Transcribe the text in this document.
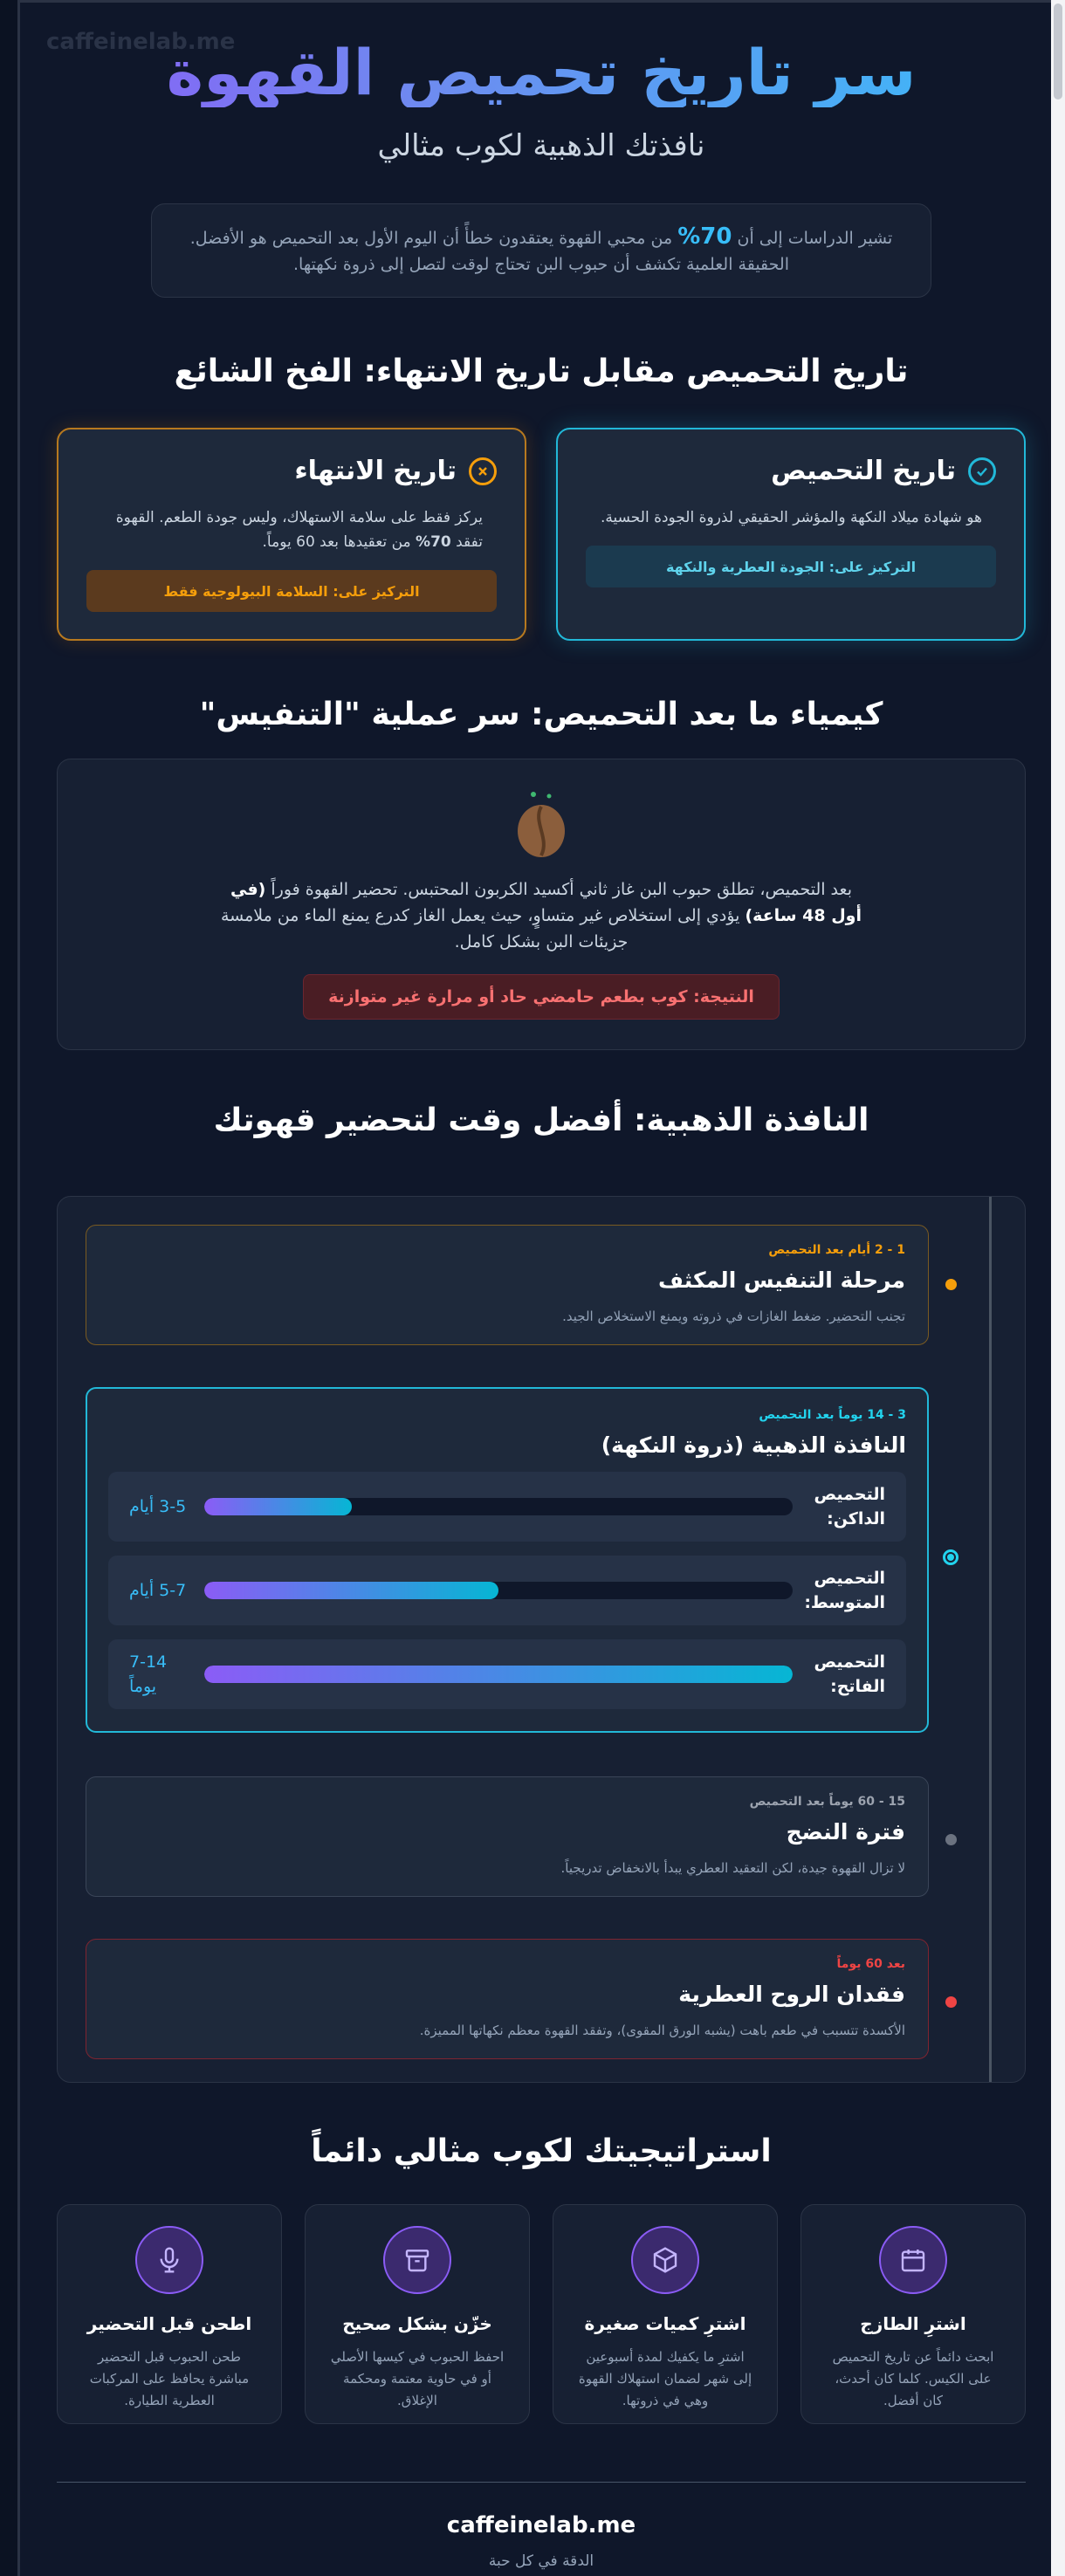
caffeinelab.me
سر تاريخ تحميص القهوة
نافذتك الذهبية لكوب مثالي
تشير الدراسات إلى أن 70% من محبي القهوة يعتقدون خطأً أن اليوم الأول بعد التحميص هو الأفضل.
الحقيقة العلمية تكشف أن حبوب البن تحتاج لوقت لتصل إلى ذروة نكهتها.
تاريخ التحميص مقابل تاريخ الانتهاء: الفخ الشائع
تاريخ التحميص
هو شهادة ميلاد النكهة والمؤشر الحقيقي لذروة الجودة الحسية.
التركيز على: الجودة العطرية والنكهة
تاريخ الانتهاء
يركز فقط على سلامة الاستهلاك، وليس جودة الطعم. القهوة تفقد 70% من تعقيدها بعد 60 يوماً.
التركيز على: السلامة البيولوجية فقط
كيمياء ما بعد التحميص: سر عملية "التنفيس"
بعد التحميص، تطلق حبوب البن غاز ثاني أكسيد الكربون المحتبس. تحضير القهوة فوراً (في أول 48 ساعة) يؤدي إلى استخلاص غير متساوٍ، حيث يعمل الغاز كدرع يمنع الماء من ملامسة جزيئات البن بشكل كامل.
النتيجة: كوب بطعم حامضي حاد أو مرارة غير متوازنة
النافذة الذهبية: أفضل وقت لتحضير قهوتك
1 - 2 أيام بعد التحميص
مرحلة التنفيس المكثف

تجنب التحضير. ضغط الغازات في ذروته ويمنع الاستخلاص الجيد.

3 - 14 يوماً بعد التحميص
النافذة الذهبية (ذروة النكهة)
التحميص الداكن:
3-5 أيام
التحميص المتوسط:
5-7 أيام
التحميص الفاتح:
7-14 يوماً
15 - 60 يوماً بعد التحميص
فترة النضج

لا تزال القهوة جيدة، لكن التعقيد العطري يبدأ بالانخفاض تدريجياً.

بعد 60 يوماً
فقدان الروح العطرية

الأكسدة تتسبب في طعم باهت (يشبه الورق المقوى)، وتفقد القهوة معظم نكهاتها المميزة.

استراتيجيتك لكوب مثالي دائماً
اشترِ الطازج

ابحث دائماً عن تاريخ التحميص على الكيس. كلما كان أحدث، كان أفضل.

اشترِ كميات صغيرة

اشترِ ما يكفيك لمدة أسبوعين إلى شهر لضمان استهلاك القهوة وهي في ذروتها.

خزّن بشكل صحيح

احفظ الحبوب في كيسها الأصلي أو في حاوية معتمة ومحكمة الإغلاق.

اطحن قبل التحضير

طحن الحبوب قبل التحضير مباشرة يحافظ على المركبات العطرية الطيارة.

caffeinelab.me
الدقة في كل حبة
